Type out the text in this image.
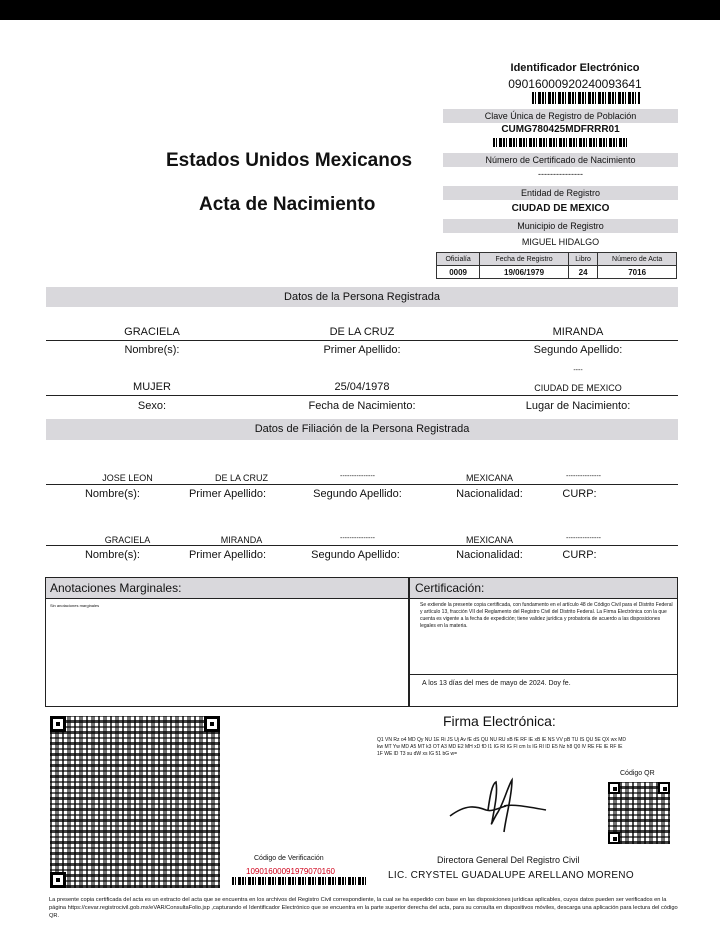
Identificador Electrónico
09016000920240093641
Estados Unidos Mexicanos
Acta de Nacimiento
Clave Única de Registro de Población
CUMG780425MDFRRR01
Número de Certificado de Nacimiento
---------------
Entidad de Registro
CIUDAD DE MEXICO
Municipio de Registro
MIGUEL HIDALGO
Oficialía	Fecha de Registro	Libro	Número de Acta
0009	19/06/1979	24	7016
Datos de la Persona Registrada
GRACIELA	DE LA CRUZ	MIRANDA
Nombre(s):	Primer Apellido:	Segundo Apellido:
----
MUJER	25/04/1978	CIUDAD DE MEXICO
Sexo:	Fecha de Nacimiento:	Lugar de Nacimiento:
Datos de Filiación de la Persona Registrada
JOSE LEON	DE LA CRUZ	---------------	MEXICANA	---------------
Nombre(s):	Primer Apellido:	Segundo Apellido:	Nacionalidad:	CURP:
GRACIELA	MIRANDA	---------------	MEXICANA	---------------
Nombre(s):	Primer Apellido:	Segundo Apellido:	Nacionalidad:	CURP:
Anotaciones Marginales:
Sin anotaciones marginales
Certificación:
Se extiende la presente copia certificada, con fundamento en el artículo 48 de Código Civil para el Distrito Federal y artículo 13, fracción VII del Reglamento del Registro Civil del Distrito Federal. La Firma Electrónica con la que cuenta es vigente a la fecha de expedición; tiene validez jurídica y probatoria de acuerdo a las disposiciones legales en la materia.
A los 13 días del mes de mayo de 2024. Doy fe.
Firma Electrónica:
Q1 VN Rz o4 MD Qy NU 1E Ri JS Uj Av fE dS QU NU RU xB fE RF IE xB IE NS VV pB TU IS QU 5E QX wx MD kw MT Yw MD A5 MT k3 OT A3 MD E2 MH xD fD I1 IG RI IG Fl cm Is IG RI ID E5 Nz h8 Q0 lV RE FE IE RF IE 1F WE lD T3 su dW xs IG 51 bG w=
Código QR
Código de Verificación
10901600091979070160
Directora General Del Registro Civil
LIC. CRYSTEL GUADALUPE ARELLANO MORENO
La presente copia certificada del acta es un extracto del acta que se encuentra en los archivos del Registro Civil correspondiente, la cual se ha expedido con base en las disposiciones jurídicas aplicables, cuyos datos pueden ser verificados en la página https://cevar.registrocivil.gob.mx/eVAR/ConsultaFolio.jsp ,capturando el Identificador Electrónico que se encuentra en la parte superior derecha del acta, para su consulta en dispositivos móviles, descarga una aplicación para lectura del código QR.
